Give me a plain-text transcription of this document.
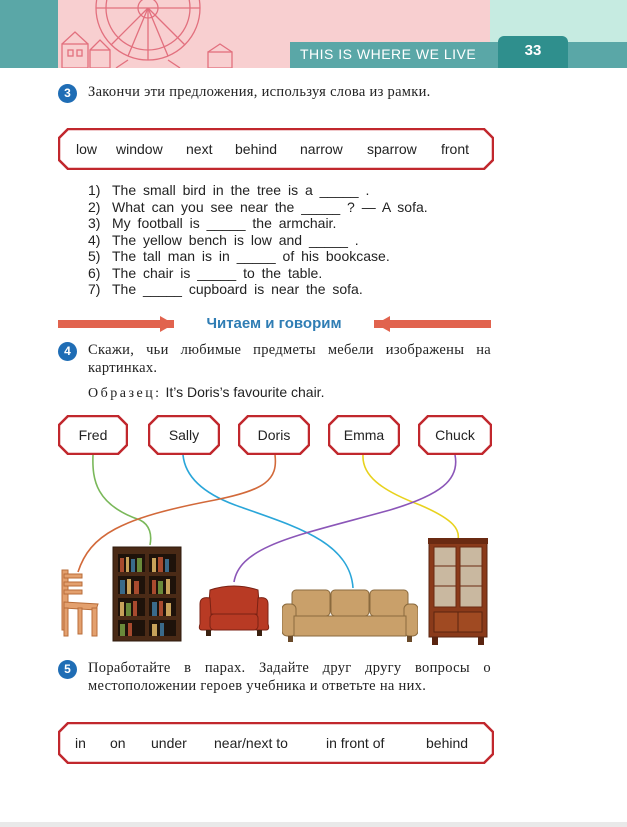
THIS IS WHERE WE LIVE	33
3	Закончи эти предложения, используя слова из рамки.
low window next behind narrow sparrow front
1) The small bird in the tree is a _____ .
2) What can you see near the _____ ? — A sofa.
3) My football is _____ the armchair.
4) The yellow bench is low and _____ .
5) The tall man is in _____ of his bookcase.
6) The chair is _____ to the table.
7) The _____ cupboard is near the sofa.
Читаем и говорим
4	Скажи, чьи любимые предметы мебели изображены на картинках.
Образец: It’s Doris’s favourite chair.
Fred	Sally	Doris	Emma	Chuck
5	Поработайте в парах. Задайте друг другу вопросы о местоположении героев учебника и ответьте на них.
in on under near/next to	in front of	behind
